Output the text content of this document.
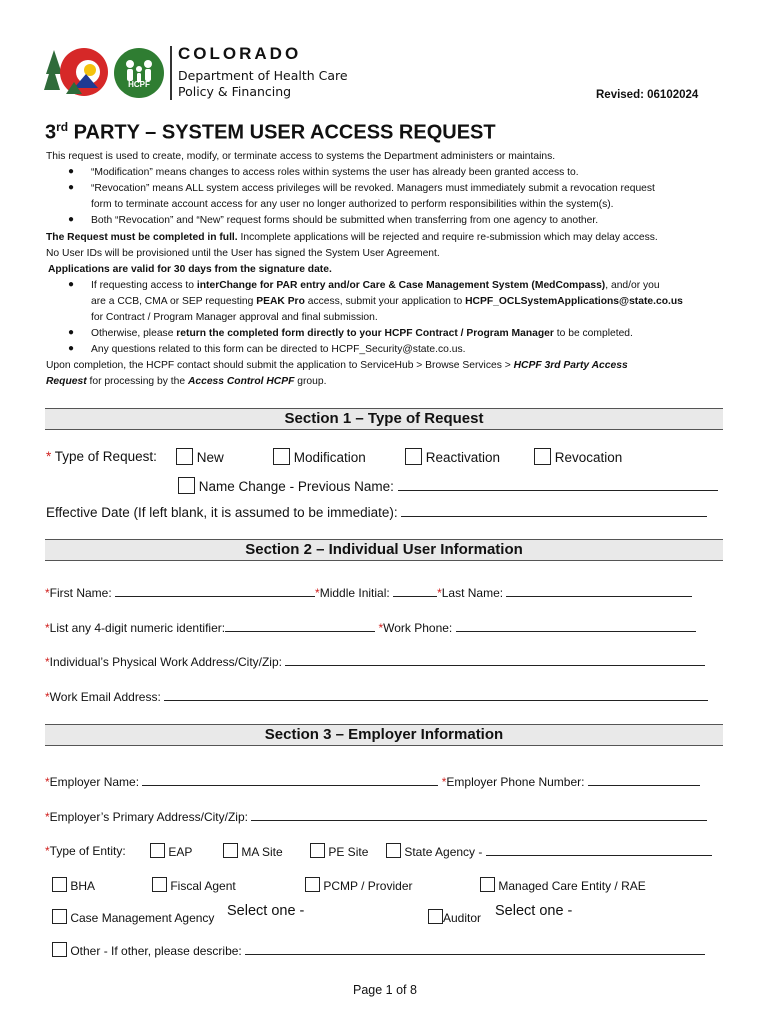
HCPF
COLORADO
Department of Health Care
Policy & Financing	Revised: 06102024
3rd PARTY – SYSTEM USER ACCESS REQUEST
This request is used to create, modify, or terminate access to systems the Department administers or maintains.
● “Modification” means changes to access roles within systems the user has already been granted access to.
● “Revocation” means ALL system access privileges will be revoked. Managers must immediately submit a revocation request
form to terminate account access for any user no longer authorized to perform responsibilities within the system(s).
● Both “Revocation” and “New” request forms should be submitted when transferring from one agency to another.
The Request must be completed in full. Incomplete applications will be rejected and require re-submission which may delay access.
No User IDs will be provisioned until the User has signed the System User Agreement.
Applications are valid for 30 days from the signature date.
● If requesting access to interChange for PAR entry and/or Care & Case Management System (MedCompass), and/or you
are a CCB, CMA or SEP requesting PEAK Pro access, submit your application to HCPF_OCLSystemApplications@state.co.us
for Contract / Program Manager approval and final submission.
● Otherwise, please return the completed form directly to your HCPF Contract / Program Manager to be completed.
● Any questions related to this form can be directed to HCPF_Security@state.co.us.
Upon completion, the HCPF contact should submit the application to ServiceHub > Browse Services > HCPF 3rd Party Access
Request for processing by the Access Control HCPF group.
Section 1 – Type of Request
* Type of Request:	New	Modification	Reactivation	Revocation
Name Change - Previous Name:
Effective Date (If left blank, it is assumed to be immediate):
Section 2 – Individual User Information
*First Name:	*Middle Initial:	*Last Name:
*List any 4-digit numeric identifier:	*Work Phone:
*Individual’s Physical Work Address/City/Zip:
*Work Email Address:
Section 3 – Employer Information
*Employer Name:	*Employer Phone Number:
*Employer’s Primary Address/City/Zip:
*Type of Entity:	EAP	MA Site	PE Site	State Agency -
BHA	Fiscal Agent	PCMP / Provider	Managed Care Entity / RAE
Case Management Agency Select one -	Auditor Select one -
Other - If other, please describe:
Page 1 of 8
